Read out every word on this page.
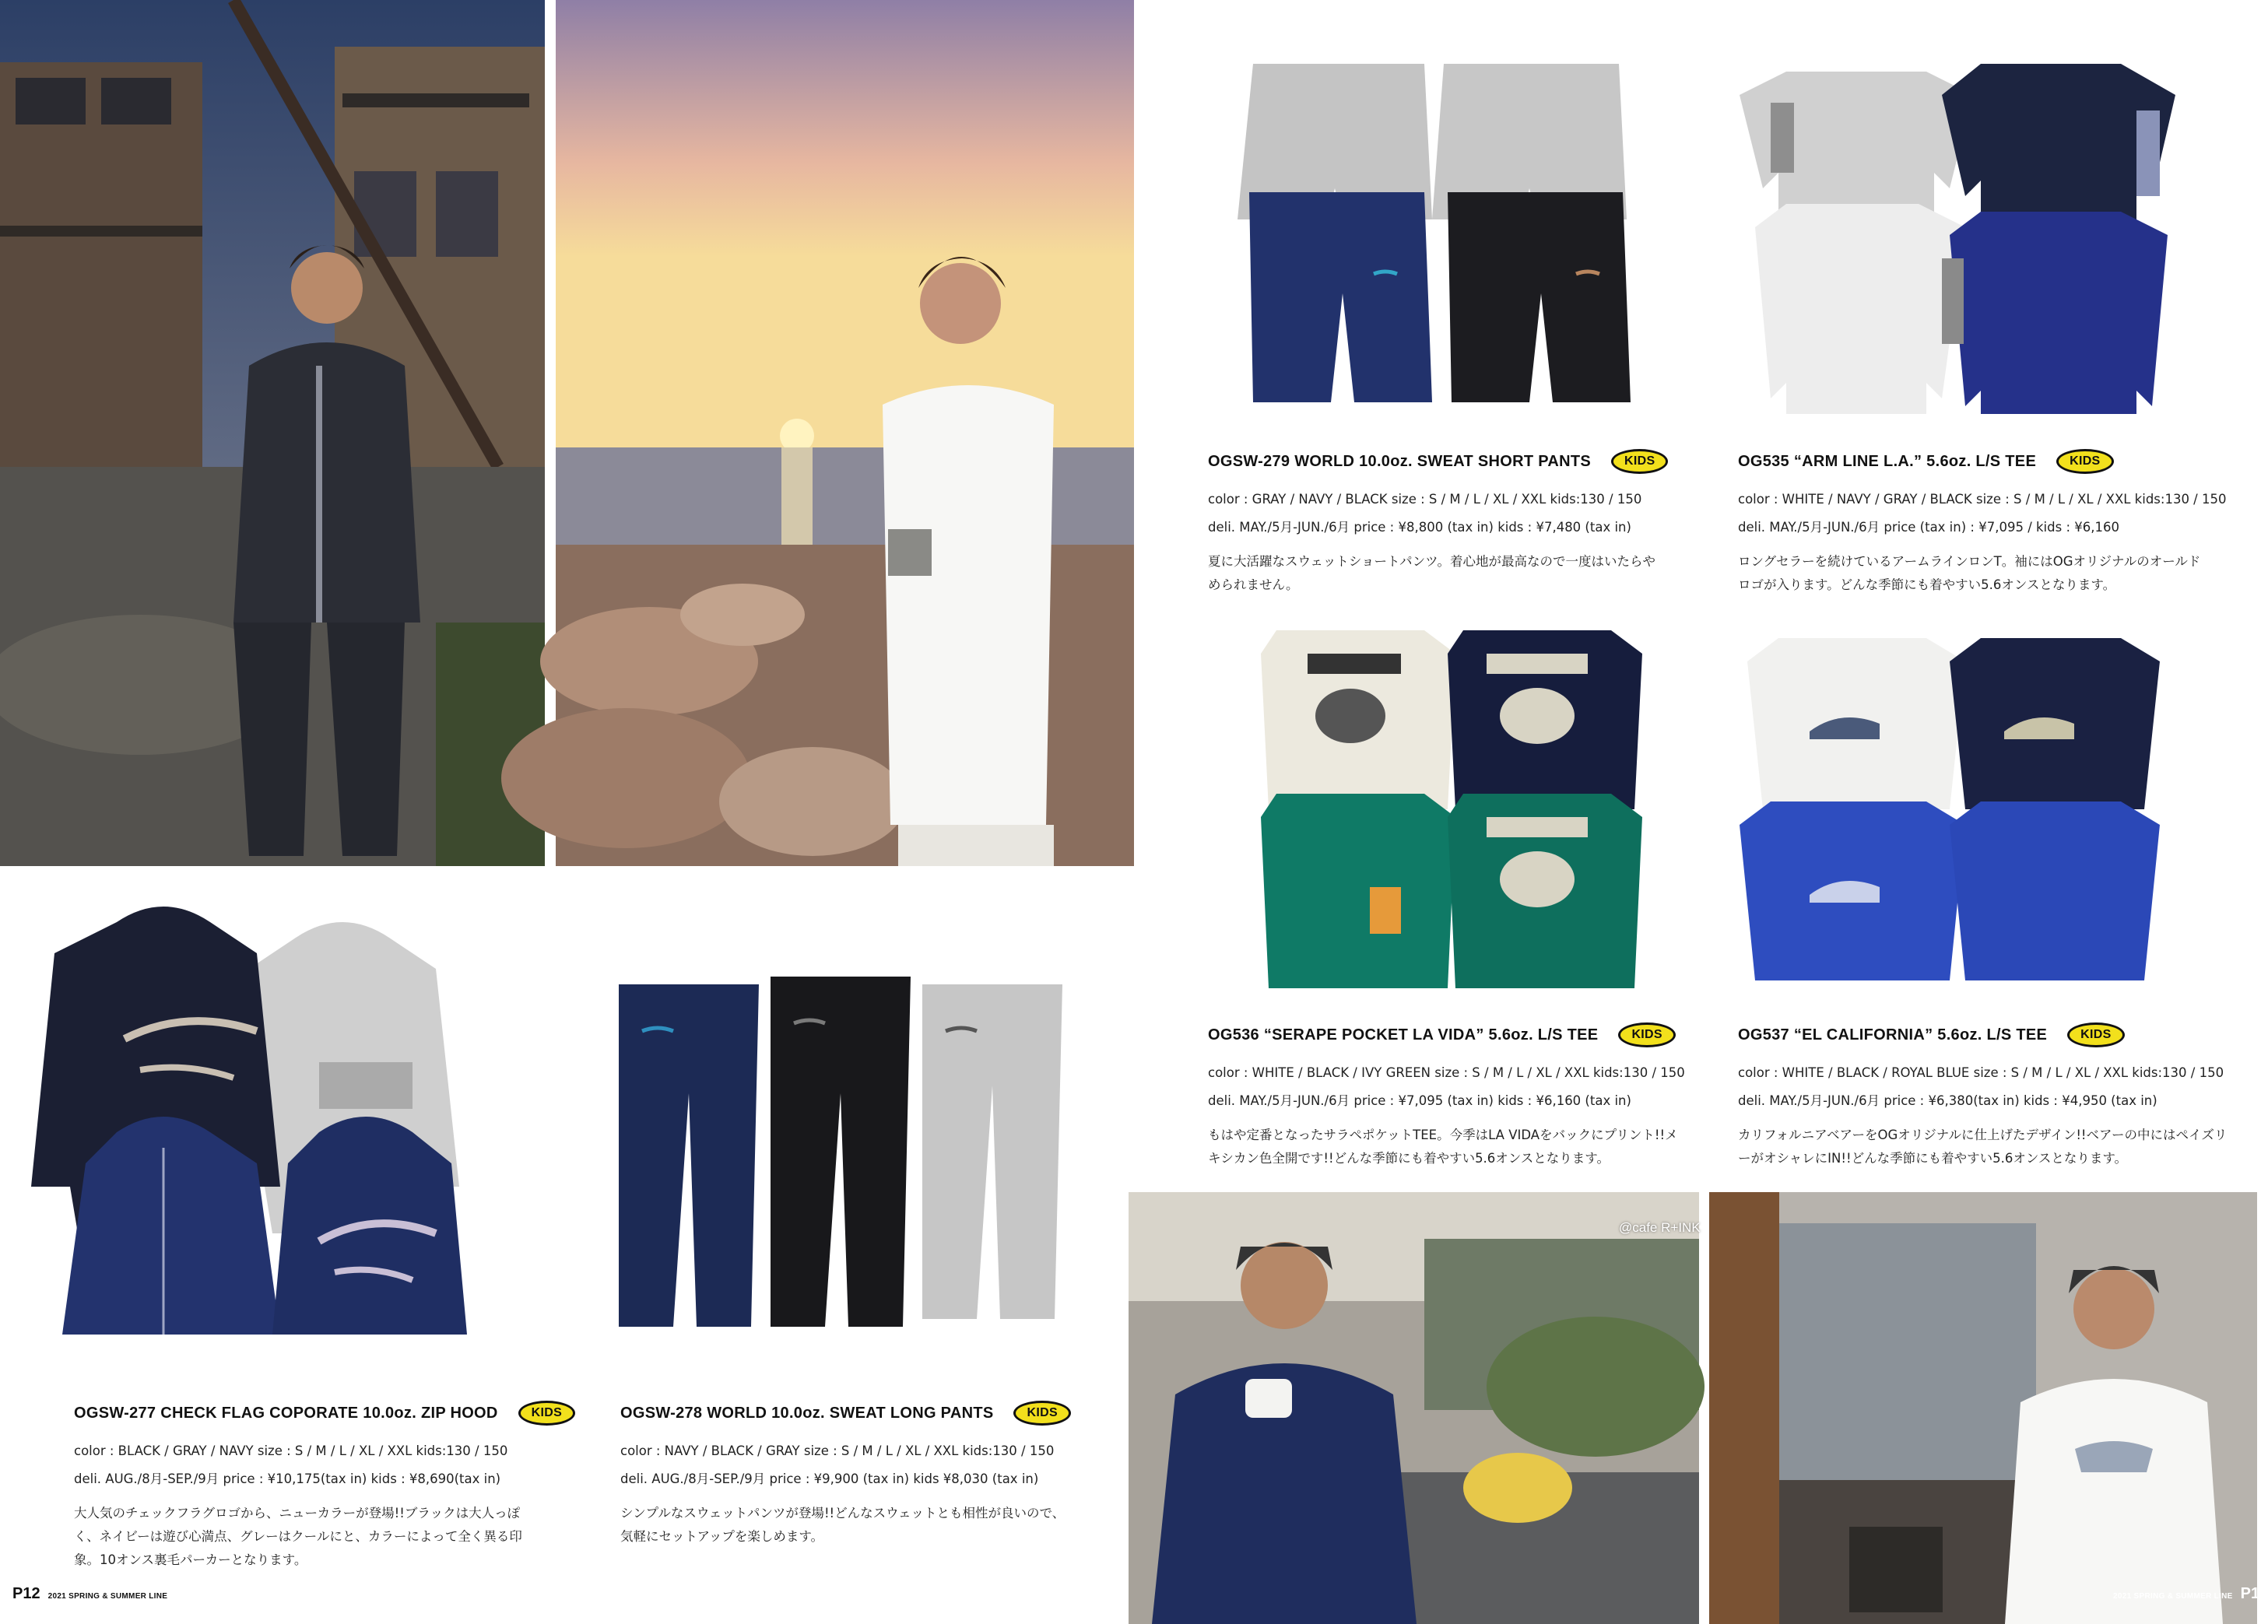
@cafe R+INK
OGSW-277 CHECK FLAG COPORATE 10.0oz. ZIP HOOD	KIDS
color : BLACK / GRAY / NAVY size : S / M / L / XL / XXL kids:130 / 150
deli. AUG./8月-SEP./9月 price : ¥10,175(tax in) kids : ¥8,690(tax in)
大人気のチェックフラグロゴから、ニューカラーが登場!!ブラックは大人っぽく、ネイビーは遊び心満点、グレーはクールにと、カラーによって全く異る印象。10オンス裏毛パーカーとなります。
OGSW-278 WORLD 10.0oz. SWEAT LONG PANTS	KIDS
color : NAVY / BLACK / GRAY size : S / M / L / XL / XXL kids:130 / 150
deli. AUG./8月-SEP./9月 price : ¥9,900 (tax in) kids ¥8,030 (tax in)
シンプルなスウェットパンツが登場!!どんなスウェットとも相性が良いので、気軽にセットアップを楽しめます。
OGSW-279 WORLD 10.0oz. SWEAT SHORT PANTS	KIDS
color : GRAY / NAVY / BLACK size : S / M / L / XL / XXL kids:130 / 150
deli. MAY./5月-JUN./6月 price : ¥8,800 (tax in) kids : ¥7,480 (tax in)
夏に大活躍なスウェットショートパンツ。着心地が最高なので一度はいたらやめられません。
OG535 “ARM LINE L.A.” 5.6oz. L/S TEE	KIDS
color : WHITE / NAVY / GRAY / BLACK size : S / M / L / XL / XXL kids:130 / 150
deli. MAY./5月-JUN./6月 price (tax in) : ¥7,095 / kids : ¥6,160
ロングセラーを続けているアームラインロンT。袖にはOGオリジナルのオールドロゴが入ります。どんな季節にも着やすい5.6オンスとなります。
OG536 “SERAPE POCKET LA VIDA” 5.6oz. L/S TEE	KIDS
color : WHITE / BLACK / IVY GREEN size : S / M / L / XL / XXL kids:130 / 150
deli. MAY./5月-JUN./6月 price : ¥7,095 (tax in) kids : ¥6,160 (tax in)
もはや定番となったサラペポケットTEE。今季はLA VIDAをバックにプリント!!メキシカン色全開です!!どんな季節にも着やすい5.6オンスとなります。
OG537 “EL CALIFORNIA” 5.6oz. L/S TEE	KIDS
color : WHITE / BLACK / ROYAL BLUE size : S / M / L / XL / XXL kids:130 / 150
deli. MAY./5月-JUN./6月 price : ¥6,380(tax in) kids : ¥4,950 (tax in)
カリフォルニアベアーをOGオリジナルに仕上げたデザイン!!ベアーの中にはペイズリーがオシャレにIN!!どんな季節にも着やすい5.6オンスとなります。
P12 2021 SPRING & SUMMER LINE	2021 SPRING & SUMMER LINE P13
